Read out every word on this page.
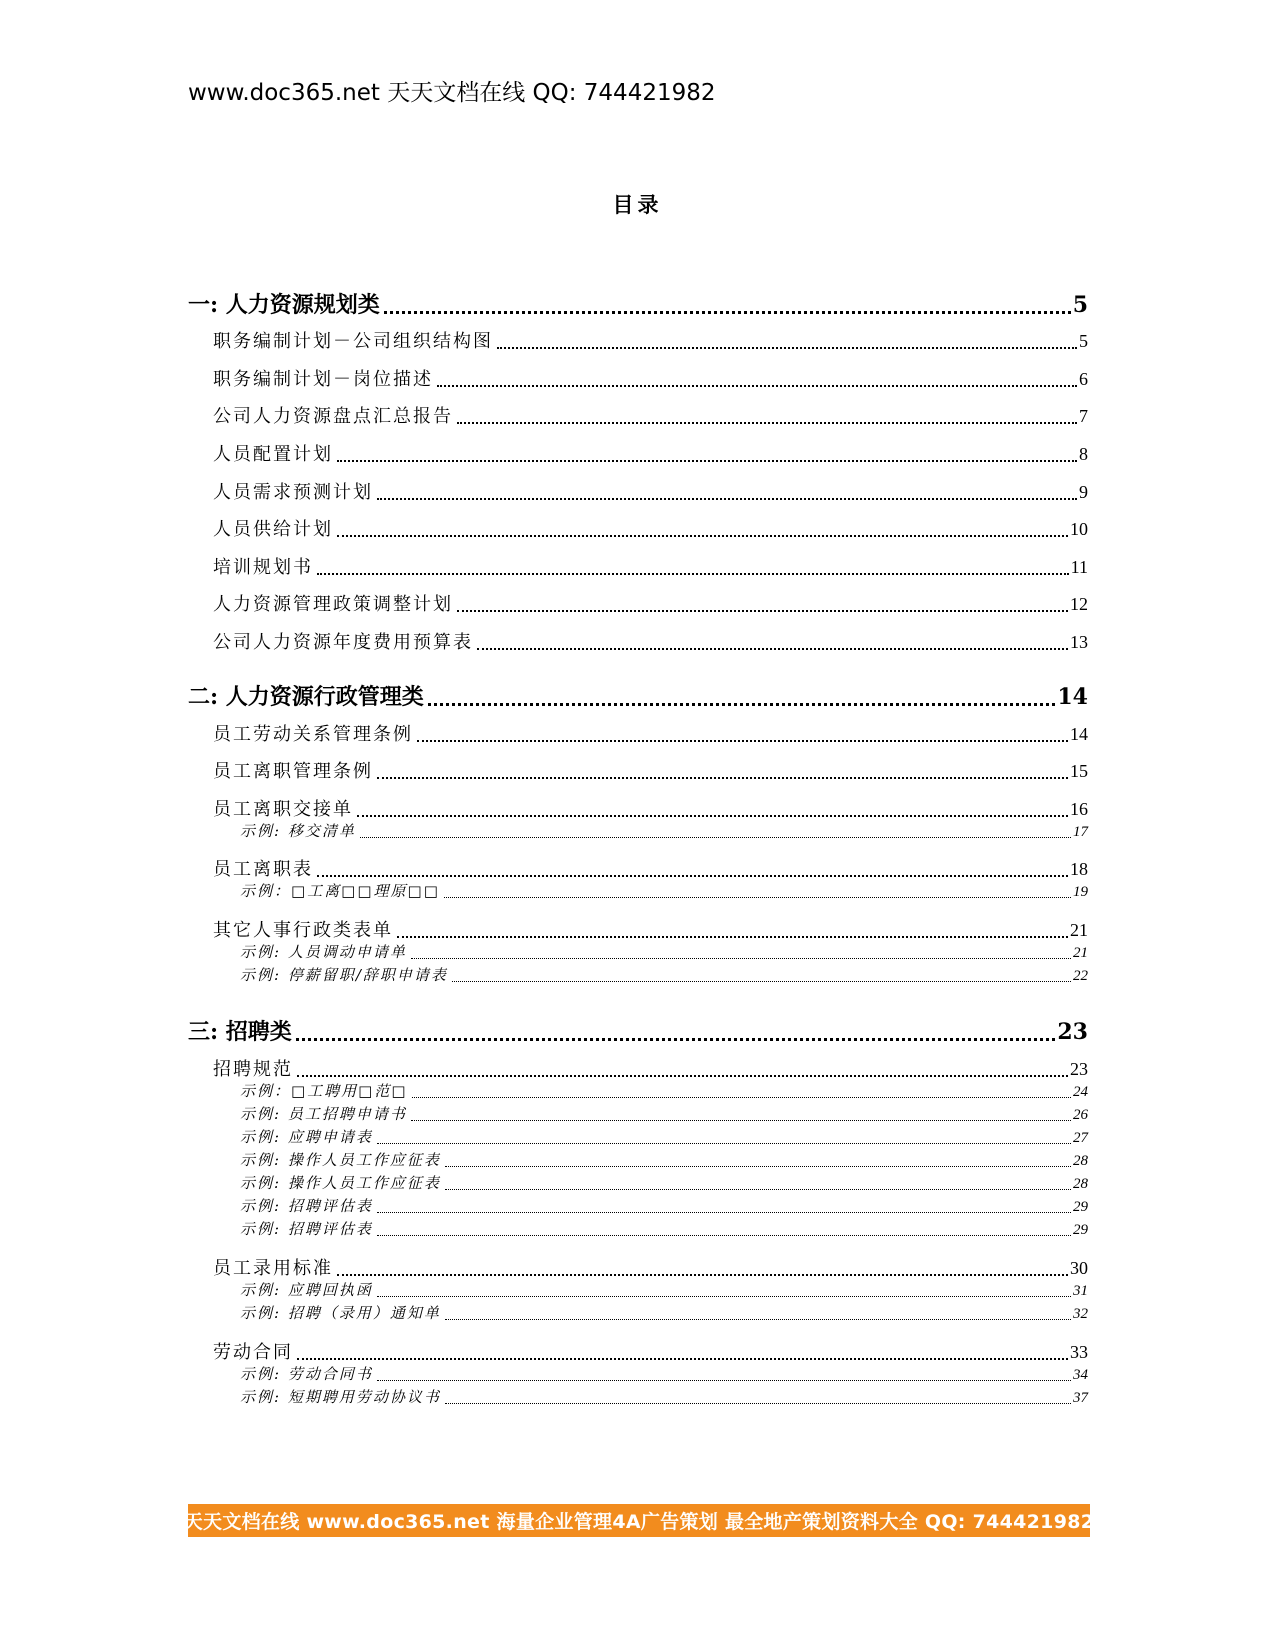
www.doc365.net 天天文档在线 QQ: 744421982
目录
一: 人力资源规划类	5
职务编制计划－公司组织结构图	5
职务编制计划－岗位描述	6
公司人力资源盘点汇总报告	7
人员配置计划	8
人员需求预测计划	9
人员供给计划	10
培训规划书	11
人力资源管理政策调整计划	12
公司人力资源年度费用预算表	13
二: 人力资源行政管理类	14
员工劳动关系管理条例	14
员工离职管理条例	15
员工离职交接单	16
示例: 移交清单	17
员工离职表	18
示例：□工离□□理原□□	19
其它人事行政类表单	21
示例: 人员调动申请单	21
示例: 停薪留职/辞职申请表	22
三: 招聘类	23
招聘规范	23
示例：□工聘用□范□	24
示例: 员工招聘申请书	26
示例: 应聘申请表	27
示例: 操作人员工作应征表	28
示例: 操作人员工作应征表	28
示例: 招聘评估表	29
示例: 招聘评估表	29
员工录用标准	30
示例: 应聘回执函	31
示例: 招聘（录用）通知单	32
劳动合同	33
示例: 劳动合同书	34
示例: 短期聘用劳动协议书	37
天天文档在线 www.doc365.net 海量企业管理4A广告策划 最全地产策划资料大全 QQ: 744421982
